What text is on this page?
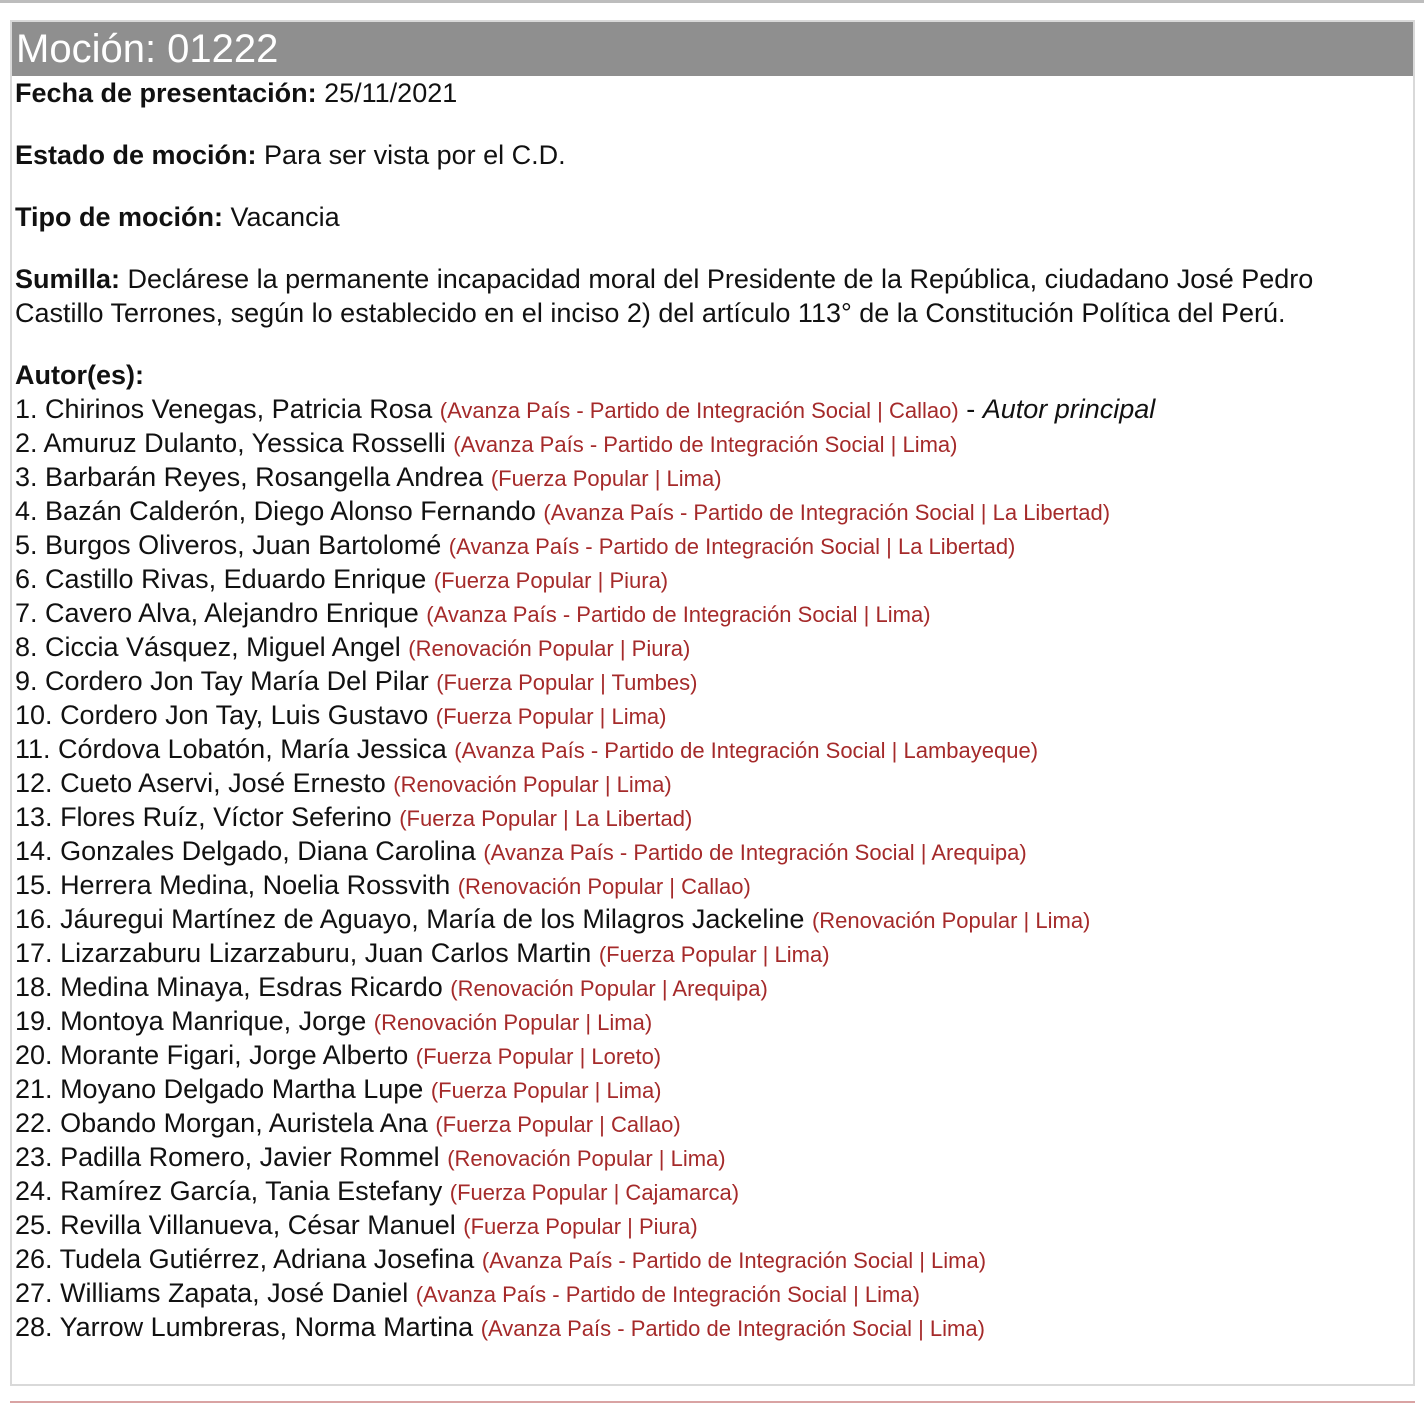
Moción: 01222

Fecha de presentación: 25/11/2021

Estado de moción: Para ser vista por el C.D.

Tipo de moción: Vacancia

Sumilla: Declárese la permanente incapacidad moral del Presidente de la República, ciudadano José Pedro Castillo Terrones, según lo establecido en el inciso 2) del artículo 113° de la Constitución Política del Perú.

Autor(es):

1. Chirinos Venegas, Patricia Rosa (Avanza País - Partido de Integración Social | Callao) - Autor principal
2. Amuruz Dulanto, Yessica Rosselli (Avanza País - Partido de Integración Social | Lima)
3. Barbarán Reyes, Rosangella Andrea (Fuerza Popular | Lima)
4. Bazán Calderón, Diego Alonso Fernando (Avanza País - Partido de Integración Social | La Libertad)
5. Burgos Oliveros, Juan Bartolomé (Avanza País - Partido de Integración Social | La Libertad)
6. Castillo Rivas, Eduardo Enrique (Fuerza Popular | Piura)
7. Cavero Alva, Alejandro Enrique (Avanza País - Partido de Integración Social | Lima)
8. Ciccia Vásquez, Miguel Angel (Renovación Popular | Piura)
9. Cordero Jon Tay María Del Pilar (Fuerza Popular | Tumbes)
10. Cordero Jon Tay, Luis Gustavo (Fuerza Popular | Lima)
11. Córdova Lobatón, María Jessica (Avanza País - Partido de Integración Social | Lambayeque)
12. Cueto Aservi, José Ernesto (Renovación Popular | Lima)
13. Flores Ruíz, Víctor Seferino (Fuerza Popular | La Libertad)
14. Gonzales Delgado, Diana Carolina (Avanza País - Partido de Integración Social | Arequipa)
15. Herrera Medina, Noelia Rossvith (Renovación Popular | Callao)
16. Jáuregui Martínez de Aguayo, María de los Milagros Jackeline (Renovación Popular | Lima)
17. Lizarzaburu Lizarzaburu, Juan Carlos Martin (Fuerza Popular | Lima)
18. Medina Minaya, Esdras Ricardo (Renovación Popular | Arequipa)
19. Montoya Manrique, Jorge (Renovación Popular | Lima)
20. Morante Figari, Jorge Alberto (Fuerza Popular | Loreto)
21. Moyano Delgado Martha Lupe (Fuerza Popular | Lima)
22. Obando Morgan, Auristela Ana (Fuerza Popular | Callao)
23. Padilla Romero, Javier Rommel (Renovación Popular | Lima)
24. Ramírez García, Tania Estefany (Fuerza Popular | Cajamarca)
25. Revilla Villanueva, César Manuel (Fuerza Popular | Piura)
26. Tudela Gutiérrez, Adriana Josefina (Avanza País - Partido de Integración Social | Lima)
27. Williams Zapata, José Daniel (Avanza País - Partido de Integración Social | Lima)
28. Yarrow Lumbreras, Norma Martina (Avanza País - Partido de Integración Social | Lima)
